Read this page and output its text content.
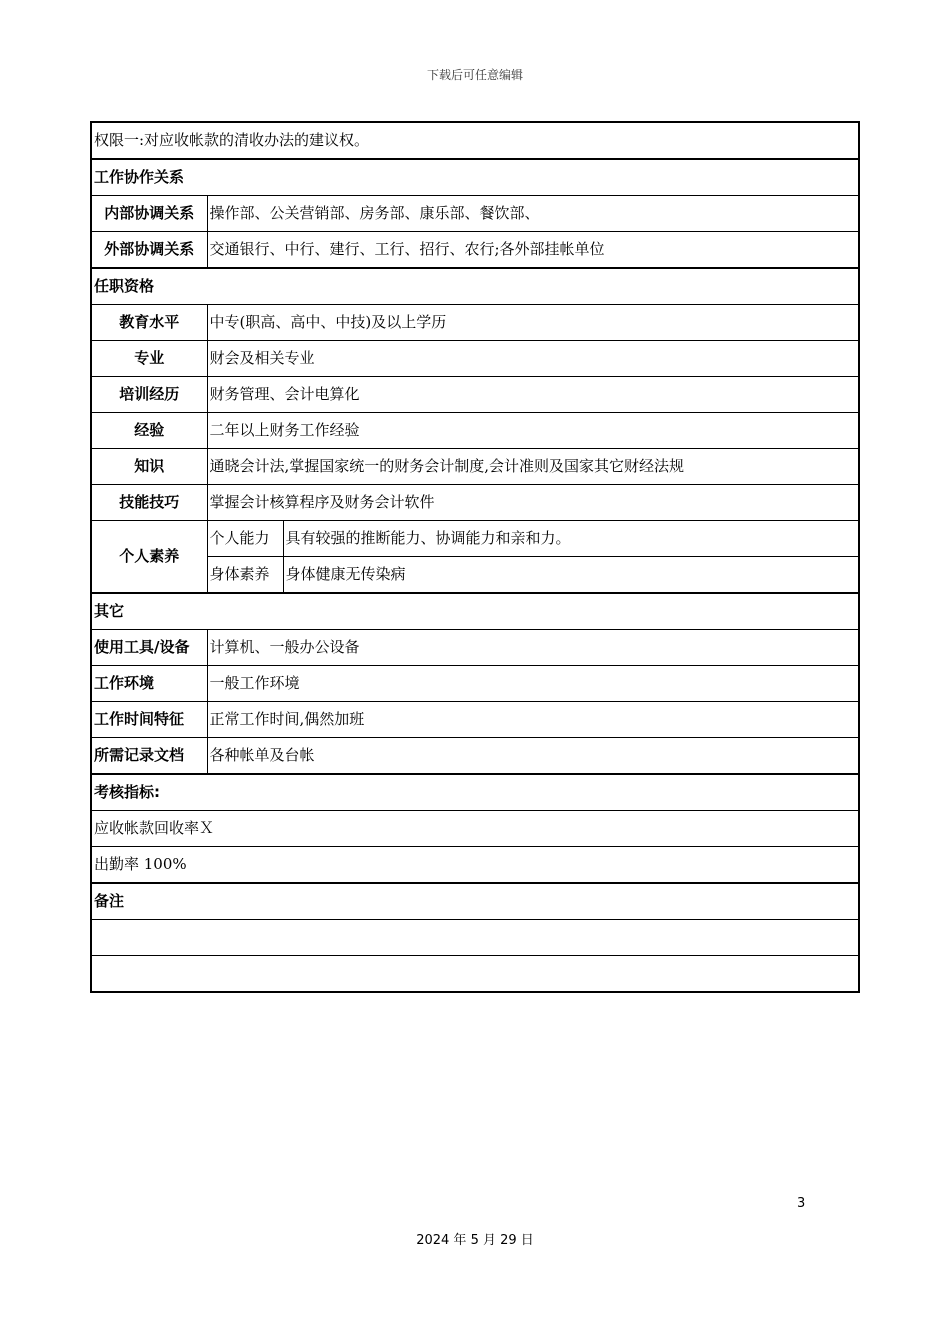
下载后可任意编辑
权限一:对应收帐款的清收办法的建议权。		
工作协作关系		
内部协调关系	操作部、公关营销部、房务部、康乐部、餐饮部、	
外部协调关系	交通银行、中行、建行、工行、招行、农行;各外部挂帐单位	
任职资格		
教育水平	中专(职高、高中、中技)及以上学历	
专业	财会及相关专业	
培训经历	财务管理、会计电算化	
经验	二年以上财务工作经验	
知识	通晓会计法,掌握国家统一的财务会计制度,会计准则及国家其它财经法规	
技能技巧	掌握会计核算程序及财务会计软件	
个人素养	个人能力	具有较强的推断能力、协调能力和亲和力。
	身体素养	身体健康无传染病
其它		
使用工具/设备	计算机、一般办公设备	
工作环境	一般工作环境	
工作时间特征	正常工作时间,偶然加班	
所需记录文档	各种帐单及台帐	
考核指标:		
应收帐款回收率Ｘ		
出勤率 100%		
备注		

3
2024 年 5 月 29 日
